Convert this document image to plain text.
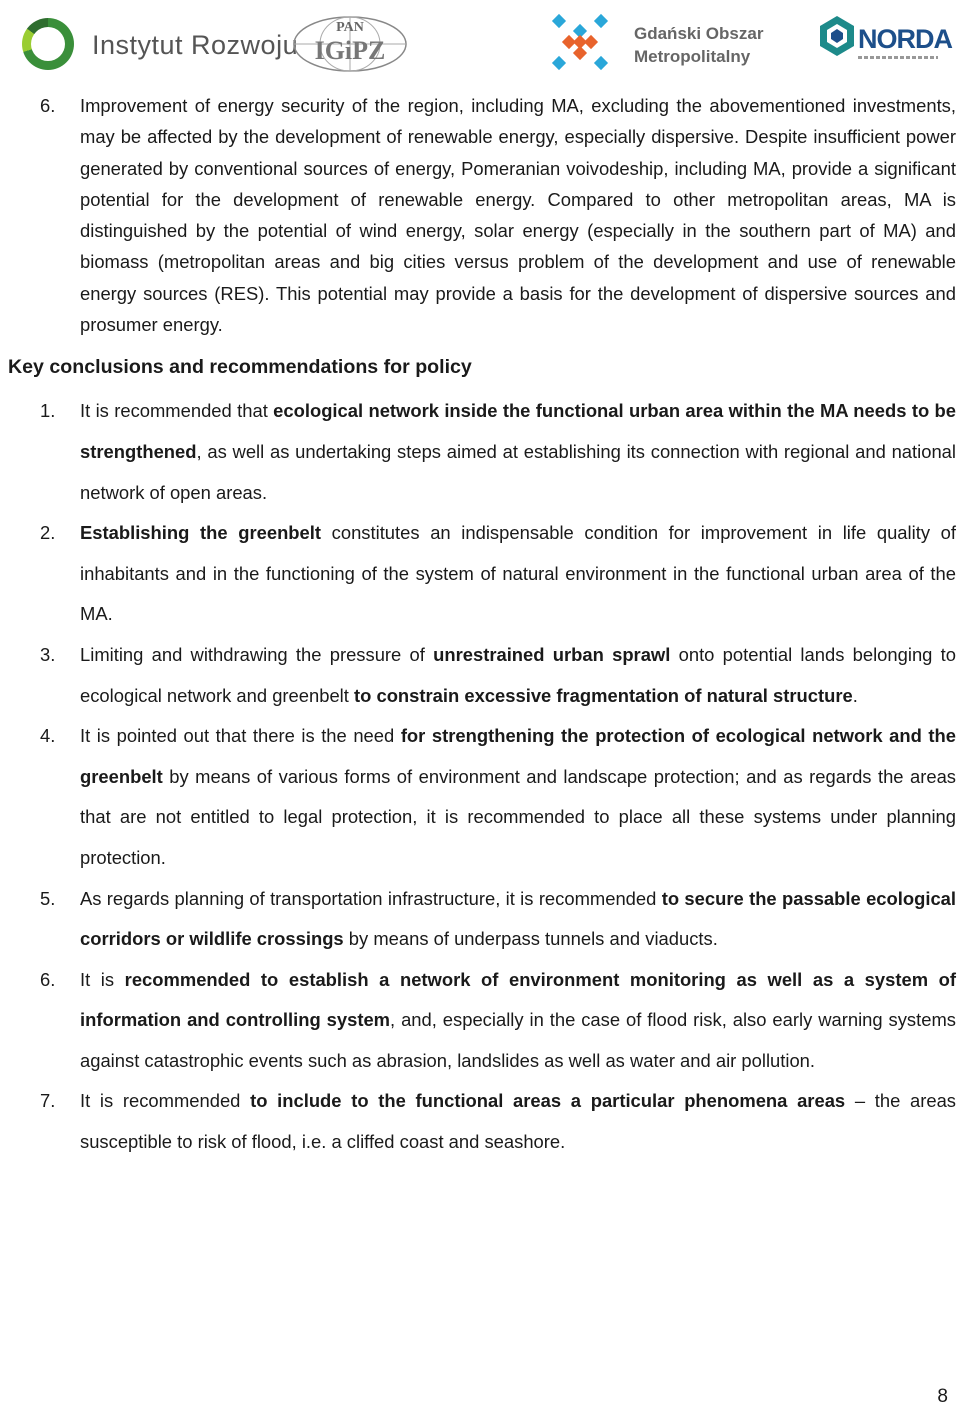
Instytut Rozwoju
PAN
IGiPZ
Gdański Obszar
Metropolitalny
NORDA
6. Improvement of energy security of the region, including MA, excluding the abovementioned investments, may be affected by the development of renewable energy, especially dispersive. Despite insufficient power generated by conventional sources of energy, Pomeranian voivodeship, including MA, provide a significant potential for the development of renewable energy. Compared to other metropolitan areas, MA is distinguished by the potential of wind energy, solar energy (especially in the southern part of MA) and biomass (metropolitan areas and big cities versus problem of the development and use of renewable energy sources (RES). This potential may provide a basis for the development of dispersive sources and prosumer energy.
Key conclusions and recommendations for policy
1. It is recommended that ecological network inside the functional urban area within the MA needs to be strengthened, as well as undertaking steps aimed at establishing its connection with regional and national network of open areas.
2. Establishing the greenbelt constitutes an indispensable condition for improvement in life quality of inhabitants and in the functioning of the system of natural environment in the functional urban area of the MA.
3. Limiting and withdrawing the pressure of unrestrained urban sprawl onto potential lands belonging to ecological network and greenbelt to constrain excessive fragmentation of natural structure.
4. It is pointed out that there is the need for strengthening the protection of ecological network and the greenbelt by means of various forms of environment and landscape protection; and as regards the areas that are not entitled to legal protection, it is recommended to place all these systems under planning protection.
5. As regards planning of transportation infrastructure, it is recommended to secure the passable ecological corridors or wildlife crossings by means of underpass tunnels and viaducts.
6. It is recommended to establish a network of environment monitoring as well as a system of information and controlling system, and, especially in the case of flood risk, also early warning systems against catastrophic events such as abrasion, landslides as well as water and air pollution.
7. It is recommended to include to the functional areas a particular phenomena areas – the areas susceptible to risk of flood, i.e. a cliffed coast and seashore.
8
